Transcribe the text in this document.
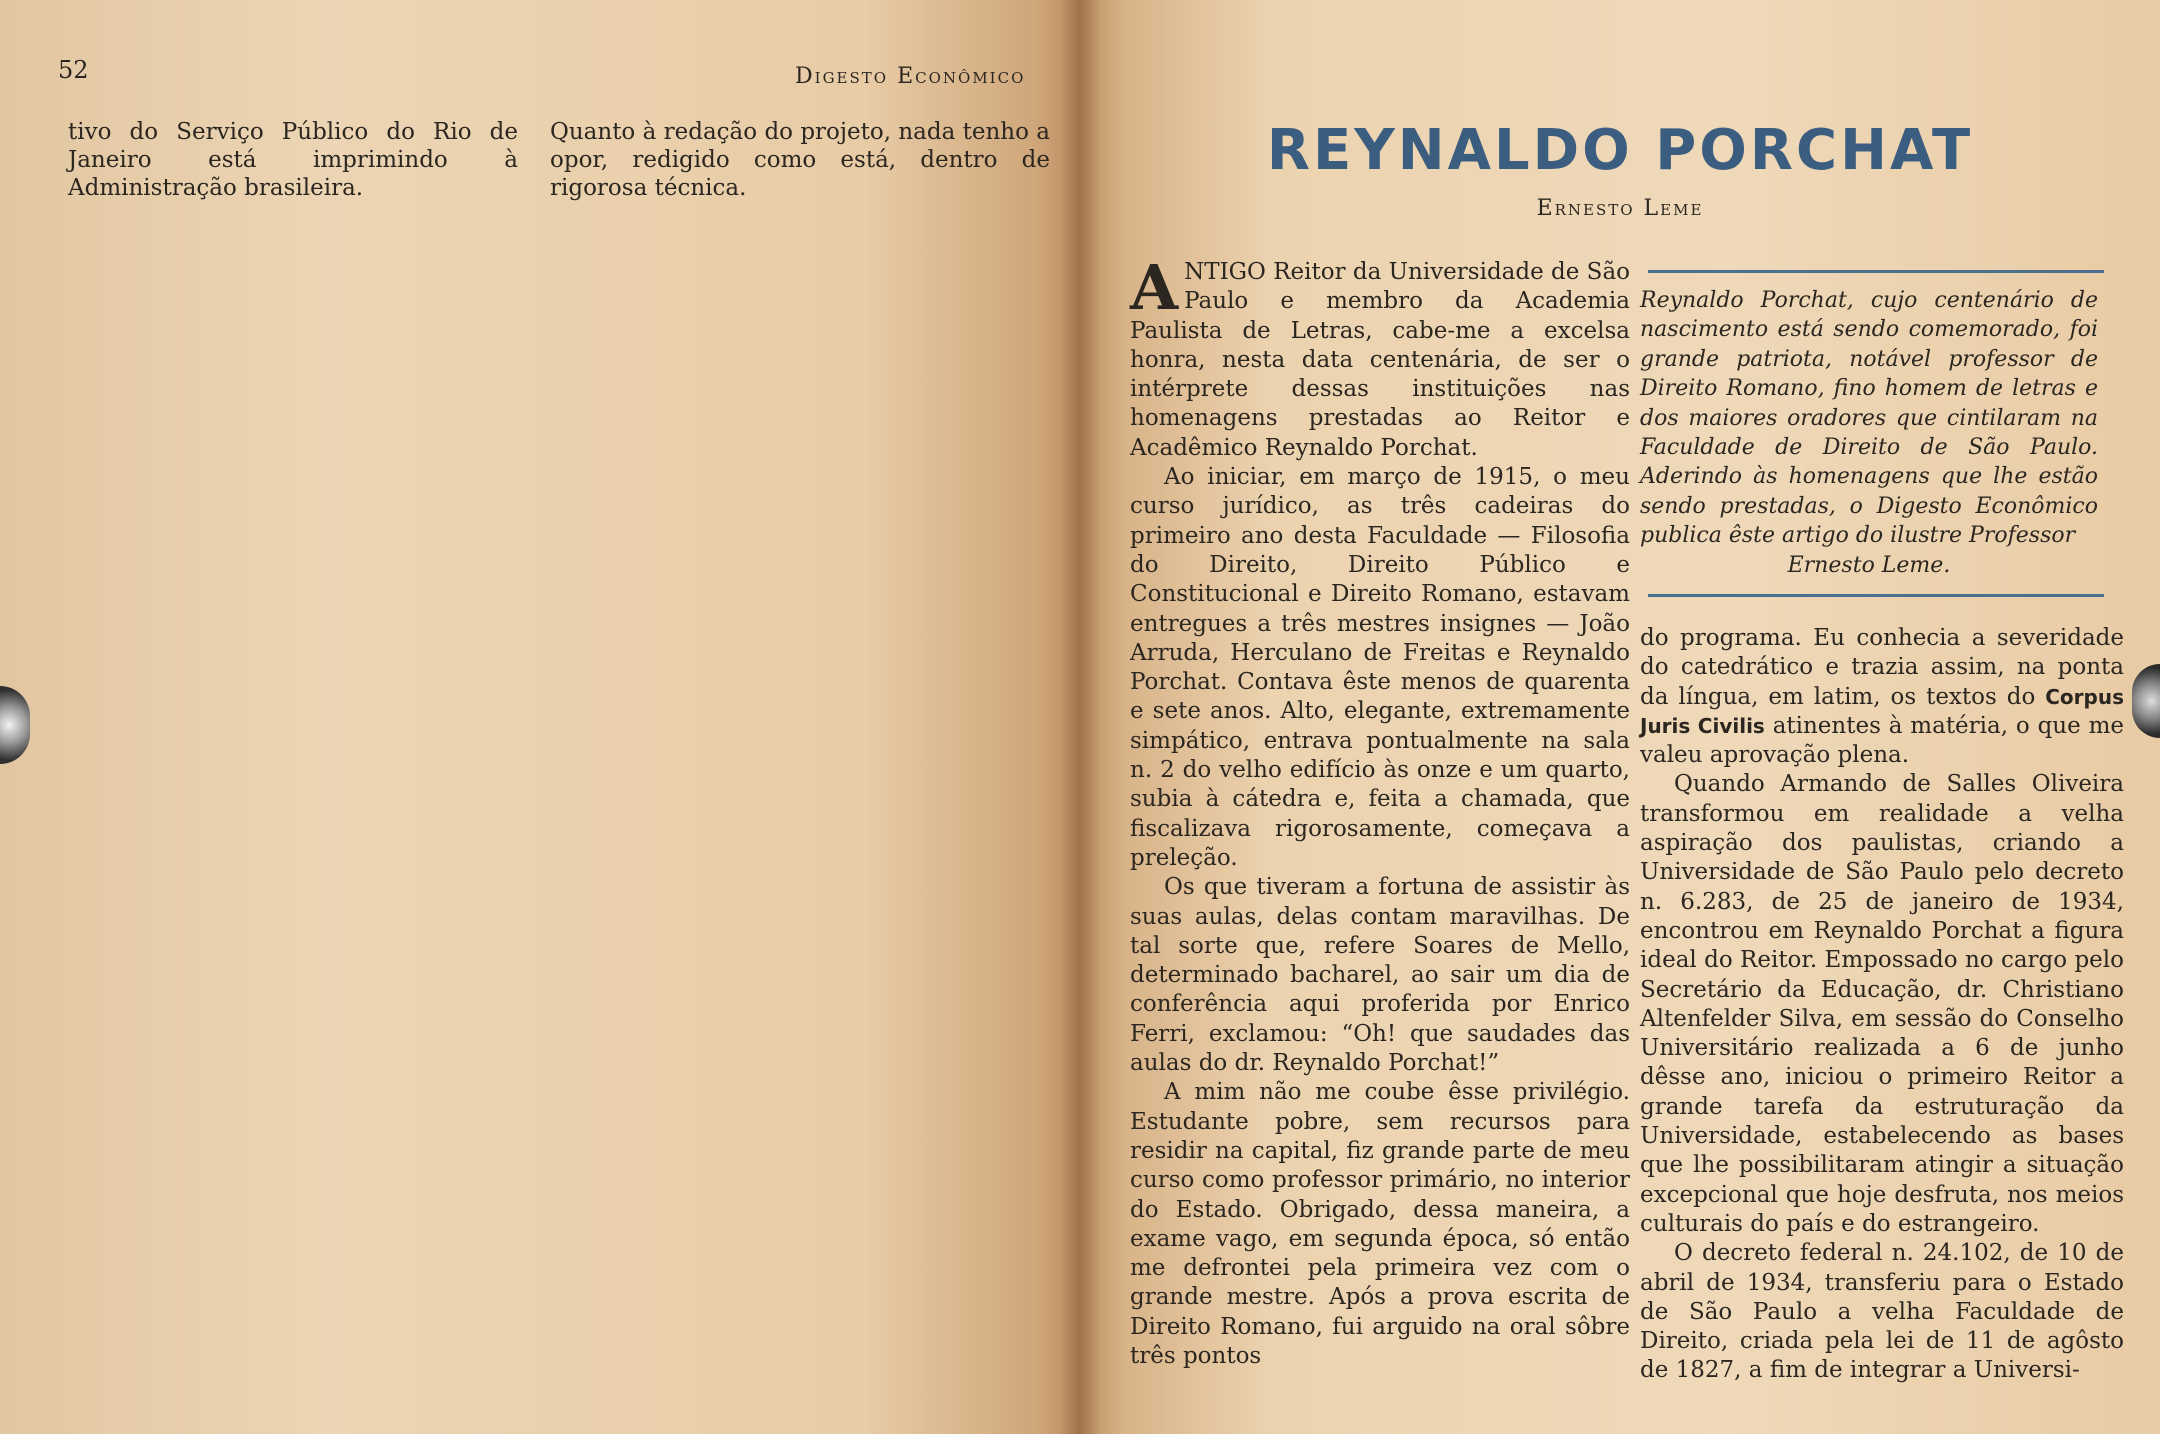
52	Digesto Econômico

tivo do Serviço Público do Rio de Janeiro está imprimindo à Administração brasileira.

Quanto à redação do projeto, nada tenho a opor, redigido como está, dentro de rigorosa técnica.

REYNALDO PORCHAT
Ernesto Leme

ANTIGO Reitor da Universidade de São Paulo e membro da Academia Paulista de Letras, cabe-me a excelsa honra, nesta data centenária, de ser o intérprete dessas instituições nas homenagens prestadas ao Reitor e Acadêmico Reynaldo Porchat.

Ao iniciar, em março de 1915, o meu curso jurídico, as três cadeiras do primeiro ano desta Faculdade — Filosofia do Direito, Direito Público e Constitucional e Direito Romano, estavam entregues a três mestres insignes — João Arruda, Herculano de Freitas e Reynaldo Porchat. Contava êste menos de quarenta e sete anos. Alto, elegante, extremamente simpático, entrava pontualmente na sala n. 2 do velho edifício às onze e um quarto, subia à cátedra e, feita a chamada, que fiscalizava rigorosamente, começava a preleção.

Os que tiveram a fortuna de assistir às suas aulas, delas contam maravilhas. De tal sorte que, refere Soares de Mello, determinado bacharel, ao sair um dia de conferência aqui proferida por Enrico Ferri, exclamou: “Oh! que saudades das aulas do dr. Reynaldo Porchat!”

A mim não me coube êsse privilégio. Estudante pobre, sem recursos para residir na capital, fiz grande parte de meu curso como professor primário, no interior do Estado. Obrigado, dessa maneira, a exame vago, em segunda época, só então me defrontei pela primeira vez com o grande mestre. Após a prova escrita de Direito Romano, fui arguido na oral sôbre três pontos

Reynaldo Porchat, cujo centenário de nascimento está sendo comemorado, foi grande patriota, notável professor de Direito Romano, fino homem de letras e dos maiores oradores que cintilaram na Faculdade de Direito de São Paulo. Aderindo às homenagens que lhe estão sendo prestadas, o Digesto Econômico publica êste artigo do ilustre Professor
Ernesto Leme.

do programa. Eu conhecia a severidade do catedrático e trazia assim, na ponta da língua, em latim, os textos do Corpus Juris Civilis atinentes à matéria, o que me valeu aprovação plena.

Quando Armando de Salles Oliveira transformou em realidade a velha aspiração dos paulistas, criando a Universidade de São Paulo pelo decreto n. 6.283, de 25 de janeiro de 1934, encontrou em Reynaldo Porchat a figura ideal do Reitor. Empossado no cargo pelo Secretário da Educação, dr. Christiano Altenfelder Silva, em sessão do Conselho Universitário realizada a 6 de junho dêsse ano, iniciou o primeiro Reitor a grande tarefa da estruturação da Universidade, estabelecendo as bases que lhe possibilitaram atingir a situação excepcional que hoje desfruta, nos meios culturais do país e do estrangeiro.

O decreto federal n. 24.102, de 10 de abril de 1934, transferiu para o Estado de São Paulo a velha Faculdade de Direito, criada pela lei de 11 de agôsto de 1827, a fim de integrar a Universi-
